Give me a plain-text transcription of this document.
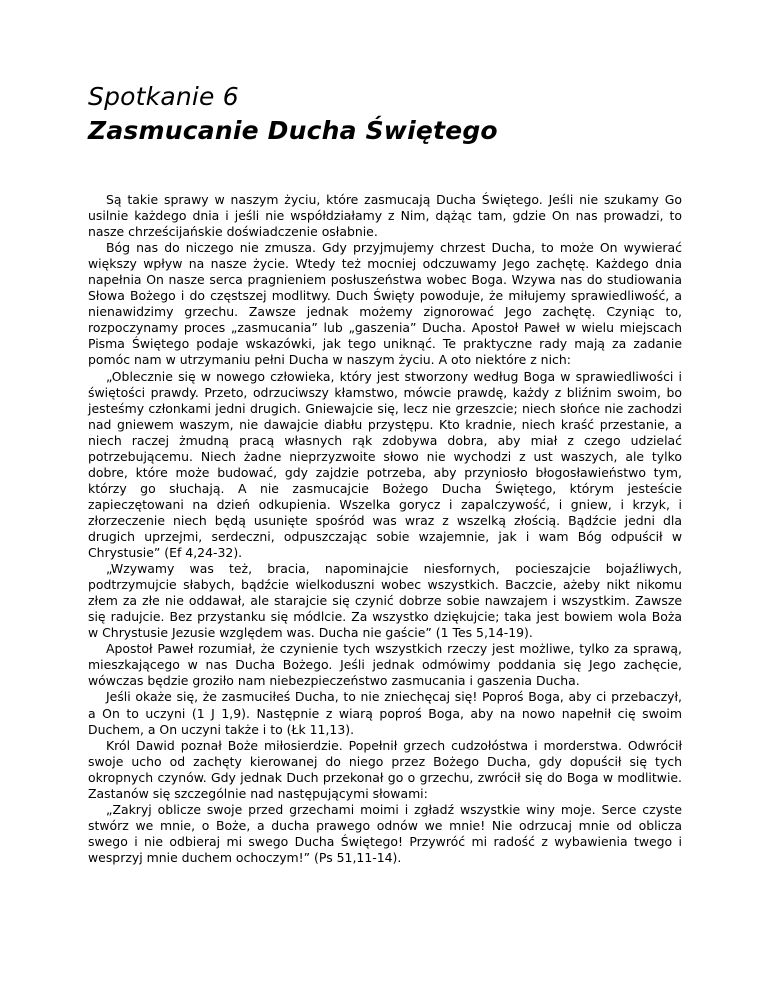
Spotkanie 6
Zasmucanie Ducha Świętego

Są takie sprawy w naszym życiu, które zasmucają Ducha Świętego. Jeśli nie szukamy Go usilnie każdego dnia i jeśli nie współdziałamy z Nim, dążąc tam, gdzie On nas prowadzi, to nasze chrześcijańskie doświadczenie osłabnie.

Bóg nas do niczego nie zmusza. Gdy przyjmujemy chrzest Ducha, to może On wywierać większy wpływ na nasze życie. Wtedy też mocniej odczuwamy Jego zachętę. Każdego dnia napełnia On nasze serca pragnieniem posłuszeństwa wobec Boga. Wzywa nas do studiowania Słowa Bożego i do częstszej modlitwy. Duch Święty powoduje, że miłujemy sprawiedliwość, a nienawidzimy grzechu. Zawsze jednak możemy zignorować Jego zachętę. Czyniąc to, rozpoczynamy proces „zasmucania” lub „gaszenia” Ducha. Apostoł Paweł w wielu miejscach Pisma Świętego podaje wskazówki, jak tego uniknąć. Te praktyczne rady mają za zadanie pomóc nam w utrzymaniu pełni Ducha w naszym życiu. A oto niektóre z nich:

„Oblecznie się w nowego człowieka, który jest stworzony według Boga w sprawiedliwości i świętości prawdy. Przeto, odrzuciwszy kłamstwo, mówcie prawdę, każdy z bliźnim swoim, bo jesteśmy członkami jedni drugich. Gniewajcie się, lecz nie grzeszcie; niech słońce nie zachodzi nad gniewem waszym, nie dawajcie diabłu przystępu. Kto kradnie, niech kraść przestanie, a niech raczej żmudną pracą własnych rąk zdobywa dobra, aby miał z czego udzielać potrzebującemu. Niech żadne nieprzyzwoite słowo nie wychodzi z ust waszych, ale tylko dobre, które może budować, gdy zajdzie potrzeba, aby przyniosło błogosławieństwo tym, którzy go słuchają. A nie zasmucajcie Bożego Ducha Świętego, którym jesteście zapieczętowani na dzień odkupienia. Wszelka gorycz i zapalczywość, i gniew, i krzyk, i złorzeczenie niech będą usunięte spośród was wraz z wszelką złością. Bądźcie jedni dla drugich uprzejmi, serdeczni, odpuszczając sobie wzajemnie, jak i wam Bóg odpuścił w Chrystusie” (Ef 4,24-32).

„Wzywamy was też, bracia, napominajcie niesfornych, pocieszajcie bojaźliwych, podtrzymujcie słabych, bądźcie wielkoduszni wobec wszystkich. Baczcie, ażeby nikt nikomu złem za złe nie oddawał, ale starajcie się czynić dobrze sobie nawzajem i wszystkim. Zawsze się radujcie. Bez przystanku się módlcie. Za wszystko dziękujcie; taka jest bowiem wola Boża w Chrystusie Jezusie względem was. Ducha nie gaście” (1 Tes 5,14-19).

Apostoł Paweł rozumiał, że czynienie tych wszystkich rzeczy jest możliwe, tylko za sprawą, mieszkającego w nas Ducha Bożego. Jeśli jednak odmówimy poddania się Jego zachęcie, wówczas będzie groziło nam niebezpieczeństwo zasmucania i gaszenia Ducha.

Jeśli okaże się, że zasmuciłeś Ducha, to nie zniechęcaj się! Poproś Boga, aby ci przebaczył, a On to uczyni (1 J 1,9). Następnie z wiarą poproś Boga, aby na nowo napełnił cię swoim Duchem, a On uczyni także i to (Łk 11,13).

Król Dawid poznał Boże miłosierdzie. Popełnił grzech cudzołóstwa i morderstwa. Odwrócił swoje ucho od zachęty kierowanej do niego przez Bożego Ducha, gdy dopuścił się tych okropnych czynów. Gdy jednak Duch przekonał go o grzechu, zwrócił się do Boga w modlitwie. Zastanów się szczególnie nad następującymi słowami:

„Zakryj oblicze swoje przed grzechami moimi i zgładź wszystkie winy moje. Serce czyste stwórz we mnie, o Boże, a ducha prawego odnów we mnie! Nie odrzucaj mnie od oblicza swego i nie odbieraj mi swego Ducha Świętego! Przywróć mi radość z wybawienia twego i wesprzyj mnie duchem ochoczym!” (Ps 51,11-14).
